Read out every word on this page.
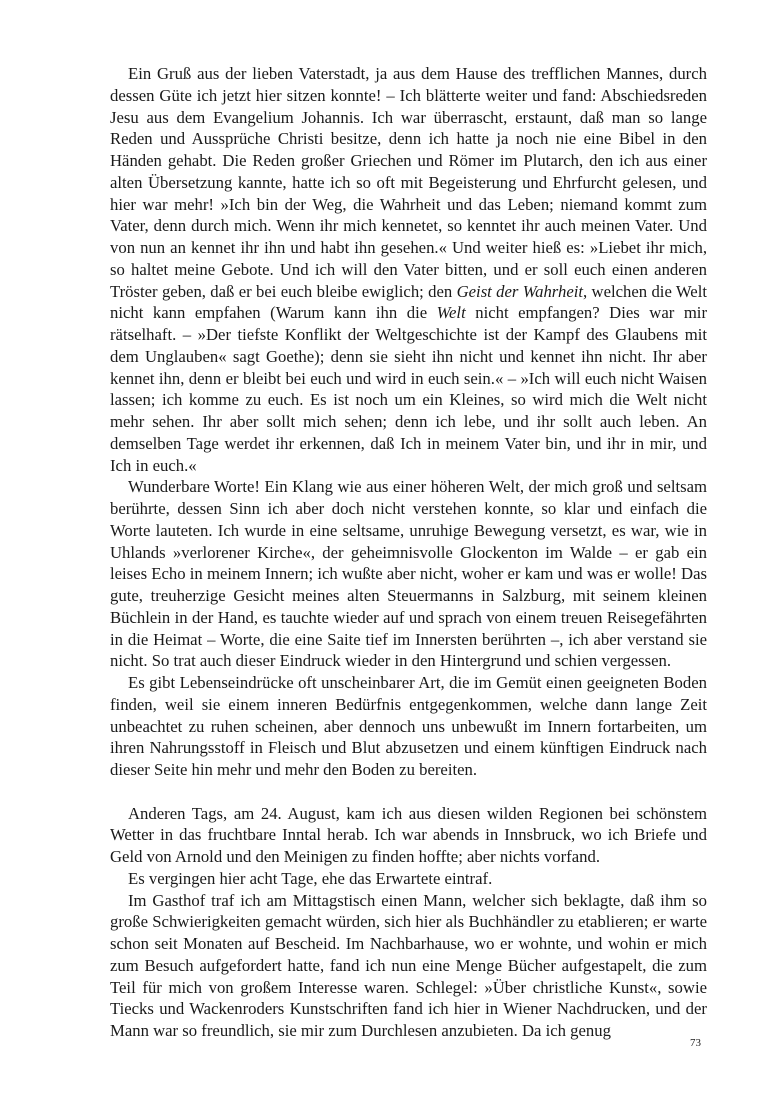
Ein Gruß aus der lieben Vaterstadt, ja aus dem Hause des trefflichen Mannes, durch dessen Güte ich jetzt hier sitzen konnte! – Ich blätterte weiter und fand: Abschiedsreden Jesu aus dem Evangelium Johannis. Ich war überrascht, erstaunt, daß man so lange Reden und Aussprüche Christi besitze, denn ich hatte ja noch nie eine Bibel in den Händen gehabt. Die Reden großer Griechen und Römer im Plutarch, den ich aus einer alten Übersetzung kannte, hatte ich so oft mit Begeisterung und Ehrfurcht gelesen, und hier war mehr! »Ich bin der Weg, die Wahrheit und das Leben; niemand kommt zum Vater, denn durch mich. Wenn ihr mich kennetet, so kenntet ihr auch meinen Vater. Und von nun an kennet ihr ihn und habt ihn gesehen.« Und weiter hieß es: »Liebet ihr mich, so haltet meine Gebote. Und ich will den Vater bitten, und er soll euch einen anderen Tröster geben, daß er bei euch bleibe ewiglich; den Geist der Wahrheit, welchen die Welt nicht kann empfahen (Warum kann ihn die Welt nicht empfangen? Dies war mir rätselhaft. – »Der tiefste Konflikt der Weltgeschichte ist der Kampf des Glaubens mit dem Unglauben« sagt Goethe); denn sie sieht ihn nicht und kennet ihn nicht. Ihr aber kennet ihn, denn er bleibt bei euch und wird in euch sein.« – »Ich will euch nicht Waisen lassen; ich komme zu euch. Es ist noch um ein Kleines, so wird mich die Welt nicht mehr sehen. Ihr aber sollt mich sehen; denn ich lebe, und ihr sollt auch leben. An demselben Tage werdet ihr erkennen, daß Ich in meinem Vater bin, und ihr in mir, und Ich in euch.«

Wunderbare Worte! Ein Klang wie aus einer höheren Welt, der mich groß und seltsam berührte, dessen Sinn ich aber doch nicht verstehen konnte, so klar und einfach die Worte lauteten. Ich wurde in eine seltsame, unruhige Bewegung versetzt, es war, wie in Uhlands »verlorener Kirche«, der geheimnisvolle Glockenton im Walde – er gab ein leises Echo in meinem Innern; ich wußte aber nicht, woher er kam und was er wolle! Das gute, treuherzige Gesicht meines alten Steuermanns in Salzburg, mit seinem kleinen Büchlein in der Hand, es tauchte wieder auf und sprach von einem treuen Reisegefährten in die Heimat – Worte, die eine Saite tief im Innersten berührten –, ich aber verstand sie nicht. So trat auch dieser Eindruck wieder in den Hintergrund und schien vergessen.

Es gibt Lebenseindrücke oft unscheinbarer Art, die im Gemüt einen geeigneten Boden finden, weil sie einem inneren Bedürfnis entgegenkommen, welche dann lange Zeit unbeachtet zu ruhen scheinen, aber dennoch uns unbewußt im Innern fortarbeiten, um ihren Nahrungsstoff in Fleisch und Blut abzusetzen und einem künftigen Eindruck nach dieser Seite hin mehr und mehr den Boden zu bereiten.

Anderen Tags, am 24. August, kam ich aus diesen wilden Regionen bei schönstem Wetter in das fruchtbare Inntal herab. Ich war abends in Innsbruck, wo ich Briefe und Geld von Arnold und den Meinigen zu finden hoffte; aber nichts vorfand.

Es vergingen hier acht Tage, ehe das Erwartete eintraf.

Im Gasthof traf ich am Mittagstisch einen Mann, welcher sich beklagte, daß ihm so große Schwierigkeiten gemacht würden, sich hier als Buchhändler zu etablieren; er warte schon seit Monaten auf Bescheid. Im Nachbarhause, wo er wohnte, und wohin er mich zum Besuch aufgefordert hatte, fand ich nun eine Menge Bücher aufgestapelt, die zum Teil für mich von großem Interesse waren. Schlegel: »Über christliche Kunst«, sowie Tiecks und Wackenroders Kunstschriften fand ich hier in Wiener Nachdrucken, und der Mann war so freundlich, sie mir zum Durchlesen anzubieten. Da ich genug

73
